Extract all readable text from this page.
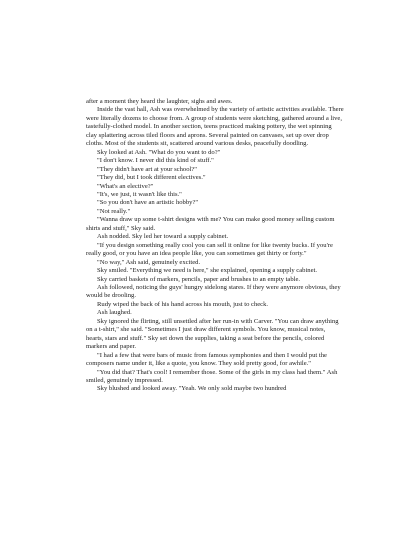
after a moment they heard the laughter, sighs and awes.

Inside the vast hall, Ash was overwhelmed by the variety of artistic activities available. There were literally dozens to choose from. A group of students were sketching, gathered around a live, tastefully-clothed model. In another section, teens practiced making pottery, the wet spinning clay splattering across tiled floors and aprons. Several painted on canvases, set up over drop cloths. Most of the students sit, scattered around various desks, peacefully doodling.

Sky looked at Ash. "What do you want to do?"

"I don't know. I never did this kind of stuff."

"They didn't have art at your school?"

"They did, but I took different electives."

"What's an elective?"

"It's, we just, it wasn't like this."

"So you don't have an artistic hobby?"

"Not really."

"Wanna draw up some t-shirt designs with me? You can make good money selling custom shirts and stuff," Sky said.

Ash nodded. Sky led her toward a supply cabinet.

"If you design something really cool you can sell it online for like twenty bucks. If you're really good, or you have an idea people like, you can sometimes get thirty or forty."

"No way," Ash said, genuinely excited.

Sky smiled. "Everything we need is here," she explained, opening a supply cabinet.

Sky carried baskets of markers, pencils, paper and brushes to an empty table.

Ash followed, noticing the guys' hungry sidelong stares. If they were anymore obvious, they would be drooling.

Rudy wiped the back of his hand across his mouth, just to check.

Ash laughed.

Sky ignored the flirting, still unsettled after her run-in with Carver. "You can draw anything on a t-shirt," she said. "Sometimes I just draw different symbols. You know, musical notes, hearts, stars and stuff." Sky set down the supplies, taking a seat before the pencils, colored markers and paper.

"I had a few that were bars of music from famous symphonies and then I would put the composers name under it, like a quote, you know. They sold pretty good, for awhile."

"You did that? That's cool! I remember those. Some of the girls in my class had them." Ash smiled, genuinely impressed.

Sky blushed and looked away. "Yeah. We only sold maybe two hundred
